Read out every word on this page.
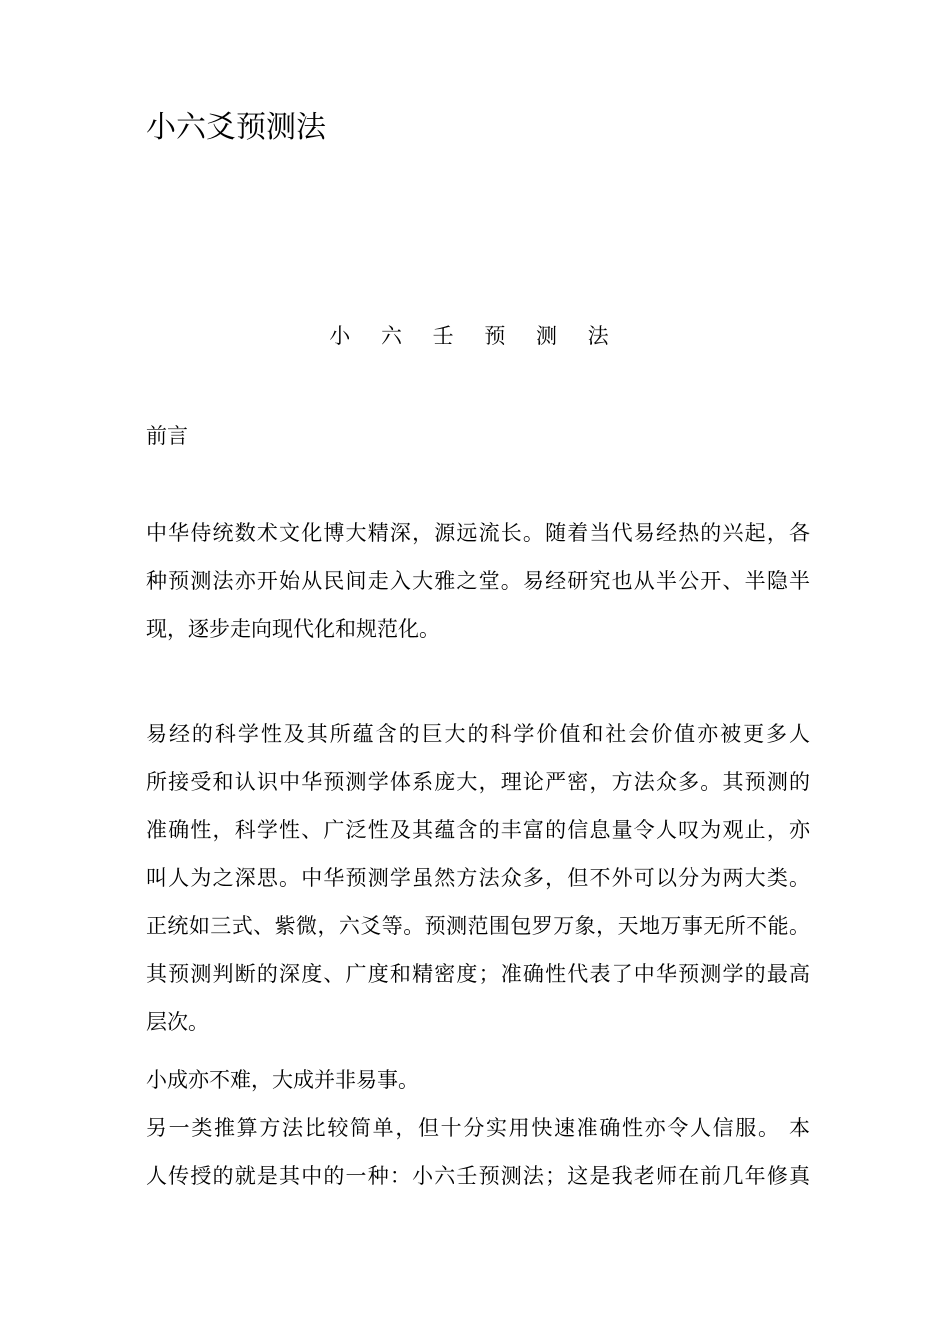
小六爻预测法
小 六 壬 预 测 法
前言
中华侍统数术文化博大精深，源远流长。随着当代易经热的兴起，各
种预测法亦开始从民间走入大雅之堂。易经研究也从半公开、半隐半
现，逐步走向现代化和规范化。
易经的科学性及其所蕴含的巨大的科学价值和社会价值亦被更多人
所接受和认识中华预测学体系庞大，理论严密，方法众多。其预测的
准确性，科学性、广泛性及其蕴含的丰富的信息量令人叹为观止，亦
叫人为之深思。中华预测学虽然方法众多，但不外可以分为两大类。
正统如三式、紫微，六爻等。预测范围包罗万象，天地万事无所不能。
其预测判断的深度、广度和精密度；准确性代表了中华预测学的最高
层次。
小成亦不难，大成并非易事。
另一类推算方法比较简单，但十分实用快速准确性亦令人信服。 本
人传授的就是其中的一种：小六壬预测法；这是我老师在前几年修真
